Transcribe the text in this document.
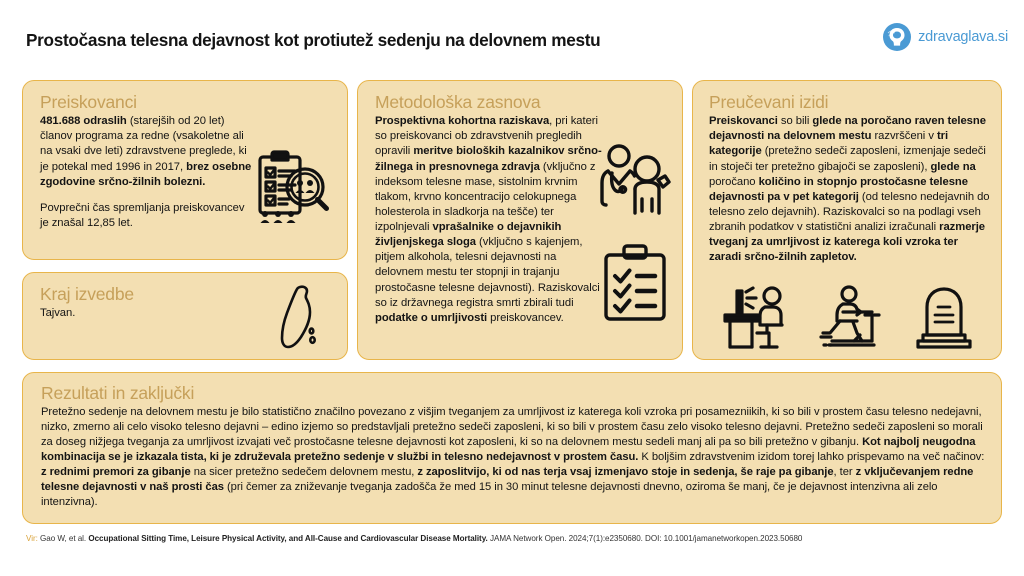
Prostočasna telesna dejavnost kot protiutež sedenju na delovnem mestu	zdravaglava.si
Preiskovanci

481.688 odraslih (starejših od 20 let) članov programa za redne (vsakoletne ali na vsaki dve leti) zdravstvene preglede, ki je potekal med 1996 in 2017, brez osebne zgodovine srčno-žilnih bolezni.

Povprečni čas spremljanja preiskovancev je znašal 12,85 let.

Kraj izvedbe

Tajvan.

Metodološka zasnova

Prospektivna kohortna raziskava, pri kateri so preiskovanci ob zdravstvenih pregledih opravili meritve bioloških kazalnikov srčno-žilnega in presnovnega zdravja (vključno z indeksom telesne mase, sistolnim krvnim tlakom, krvno koncentracijo celokupnega holesterola in sladkorja na tešče) ter izpolnjevali vprašalnike o dejavnikih življenjskega sloga (vključno s kajenjem, pitjem alkohola, telesni dejavnosti na delovnem mestu ter stopnji in trajanju prostočasne telesne dejavnosti). Raziskovalci so iz državnega registra smrti zbirali tudi podatke o umrljivosti preiskovancev.

Preučevani izidi

Preiskovanci so bili glede na poročano raven telesne dejavnosti na delovnem mestu razvrščeni v tri kategorije (pretežno sedeči zaposleni, izmenjaje sedeči in stoječi ter pretežno gibajoči se zaposleni), glede na poročano količino in stopnjo prostočasne telesne dejavnosti pa v pet kategorij (od telesno nedejavnih do telesno zelo dejavnih). Raziskovalci so na podlagi vseh zbranih podatkov v statistični analizi izračunali razmerje tveganj za umrljivost iz katerega koli vzroka ter zaradi srčno-žilnih zapletov.

Rezultati in zaključki

Pretežno sedenje na delovnem mestu je bilo statistično značilno povezano z višjim tveganjem za umrljivost iz katerega koli vzroka pri posamezniikih, ki so bili v prostem času telesno nedejavni, nizko, zmerno ali celo visoko telesno dejavni – edino izjemo so predstavljali pretežno sedeči zaposleni, ki so bili v prostem času zelo visoko telesno dejavni. Pretežno sedeči zaposleni so morali za doseg nižjega tveganja za umrljivost izvajati več prostočasne telesne dejavnosti kot zaposleni, ki so na delovnem mestu sedeli manj ali pa so bili pretežno v gibanju. Kot najbolj neugodna kombinacija se je izkazala tista, ki je združevala pretežno sedenje v službi in telesno nedejavnost v prostem času. K boljšim zdravstvenim izidom torej lahko prispevamo na več načinov: z rednimi premori za gibanje na sicer pretežno sedečem delovnem mestu, z zaposlitvijo, ki od nas terja vsaj izmenjavo stoje in sedenja, še raje pa gibanje, ter z vključevanjem redne telesne dejavnosti v naš prosti čas (pri čemer za zniževanje tveganja zadošča že med 15 in 30 minut telesne dejavnosti dnevno, oziroma še manj, če je dejavnost intenzivna ali zelo intenzivna).

Vir: Gao W, et al. Occupational Sitting Time, Leisure Physical Activity, and All-Cause and Cardiovascular Disease Mortality. JAMA Network Open. 2024;7(1):e2350680. DOI: 10.1001/jamanetworkopen.2023.50680
